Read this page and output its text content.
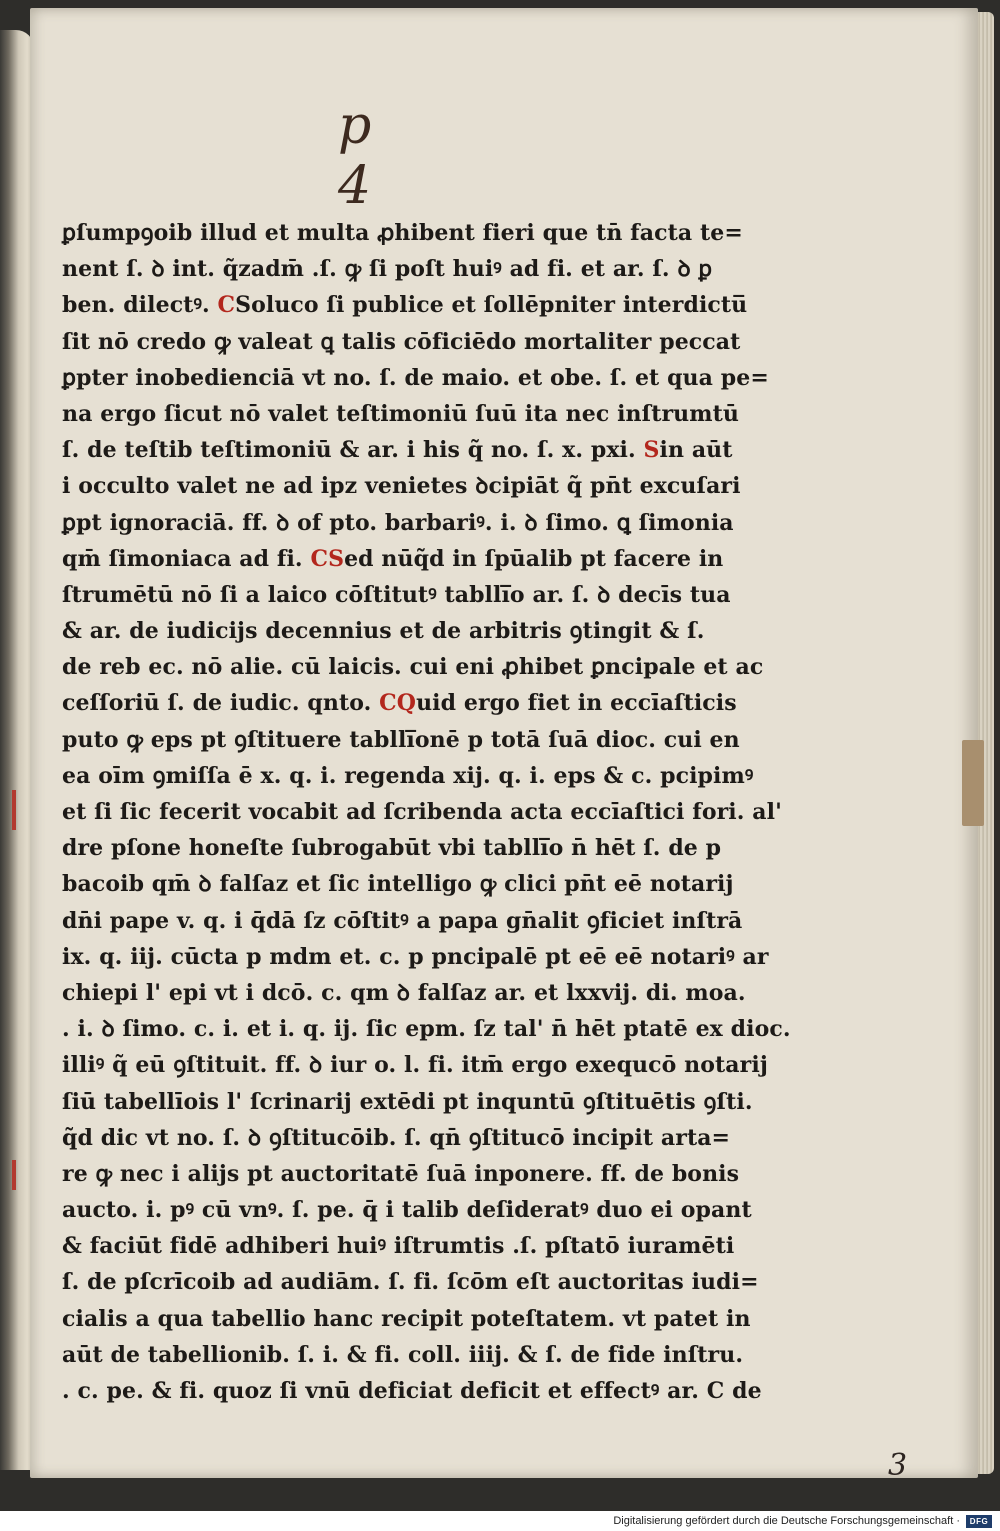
p 4
ꝑſumpꝯoib illud et multa ꝓhibent fieri que tn̄ facta te=
nent ſ. ꝺ int. q̃zadm̄ .ſ. ꝙ ſi poſt huiꝰ ad fi. et ar. ſ. ꝺ ꝑ
ben. dilectꝰ. CSoluco ſi publice et ſollēpniter interdictu̅
ſit nō credo ꝙ valeat ꝗ talis cōficiēdo mortaliter peccat
ꝑpter inobedienciā vt no. ſ. de maio. et obe. ſ. et qua pe=
na ergo ſicut nō valet teſtimoniū ſuū ita nec inſtrumtū
ſ. de teſtib teſtimoniū & ar. i his q̃ no. ſ. x. pxi. Sin aūt
i occulto valet ne ad ipz venietes ꝺcipiāt q̃ pn̄t excuſari
ꝑpt ignoraciā. ff. ꝺ of pto. barbariꝰ. i. ꝺ ſimo. ꝗ ſimonia
qm̄ ſimoniaca ad fi. CSed nūq̃d in ſpūalib pt facere in
ſtrumētū nō ſi a laico cōſtitutꝰ tablli̅o ar. ſ. ꝺ decīs tua
& ar. de iudicijs decennius et de arbitris ꝯtingit & ſ.
de reb ec. nō alie. cū laicis. cui eni ꝓhibet ꝑncipale et ac
ceſſoriū ſ. de iudic. qnto. CQuid ergo fiet in eccīaſticis
puto ꝙ eps pt ꝯſtituere tablli̅onē p totā ſuā dioc. cui en
ea oīm ꝯmiſſa ē x. q. i. regenda xij. q. i. eps & c. pcipimꝰ
et ſi ſic fecerit vocabit ad ſcribenda acta eccīaſtici fori. al'
dre pſone honeſte ſubrogabūt vbi tablli̅o n̄ hēt ſ. de p
bacoib qm̄ ꝺ falſaz et ſic intelligo ꝙ clici pn̄t eē notarij
dn̄i pape v. q. i q̄dā ſz cōſtitꝰ a papa gn̄alit ꝯficiet inſtrā
ix. q. iij. cūcta p mdm et. c. p pncipalē pt eē eē notariꝰ ar
chiepi l' epi vt i dcō. c. qm ꝺ falſaz ar. et lxxvij. di. moa.
. i. ꝺ ſimo. c. i. et i. q. ij. ſic epm. ſz tal' n̄ hēt ptatē ex dioc.
illiꝰ q̃ eū ꝯſtituit. ff. ꝺ iur o. l. fi. itm̄ ergo exequcō notarij
ſiū tabellīois l' ſcrinarij extēdi pt inquntū ꝯſtituētis ꝯſti.
q̃d dic vt no. ſ. ꝺ ꝯſtitucōib. ſ. qn̄ ꝯſtitucō incipit arta=
re ꝙ nec i alijs pt auctoritatē ſuā inponere. ff. de bonis
aucto. i. pꝰ cū vnꝰ. ſ. pe. q̄ i talib deſideratꝰ duo ei opant
& faciūt fidē adhiberi huiꝰ iſtrumtis .ſ. pſtatō iuramēti
ſ. de pſcrīcoib ad audiām. ſ. fi. ſcōm eſt auctoritas iudi=
cialis a qua tabellio hanc recipit poteſtatem. vt patet in
aūt de tabellionib. ſ. i. & fi. coll. iiij. & ſ. de fide inſtru.
. c. pe. & fi. quoz ſi vnū deficiat deficit et effectꝰ ar. C de
3
Digitalisierung gefördert durch die Deutsche Forschungsgemeinschaft ·	DFG
